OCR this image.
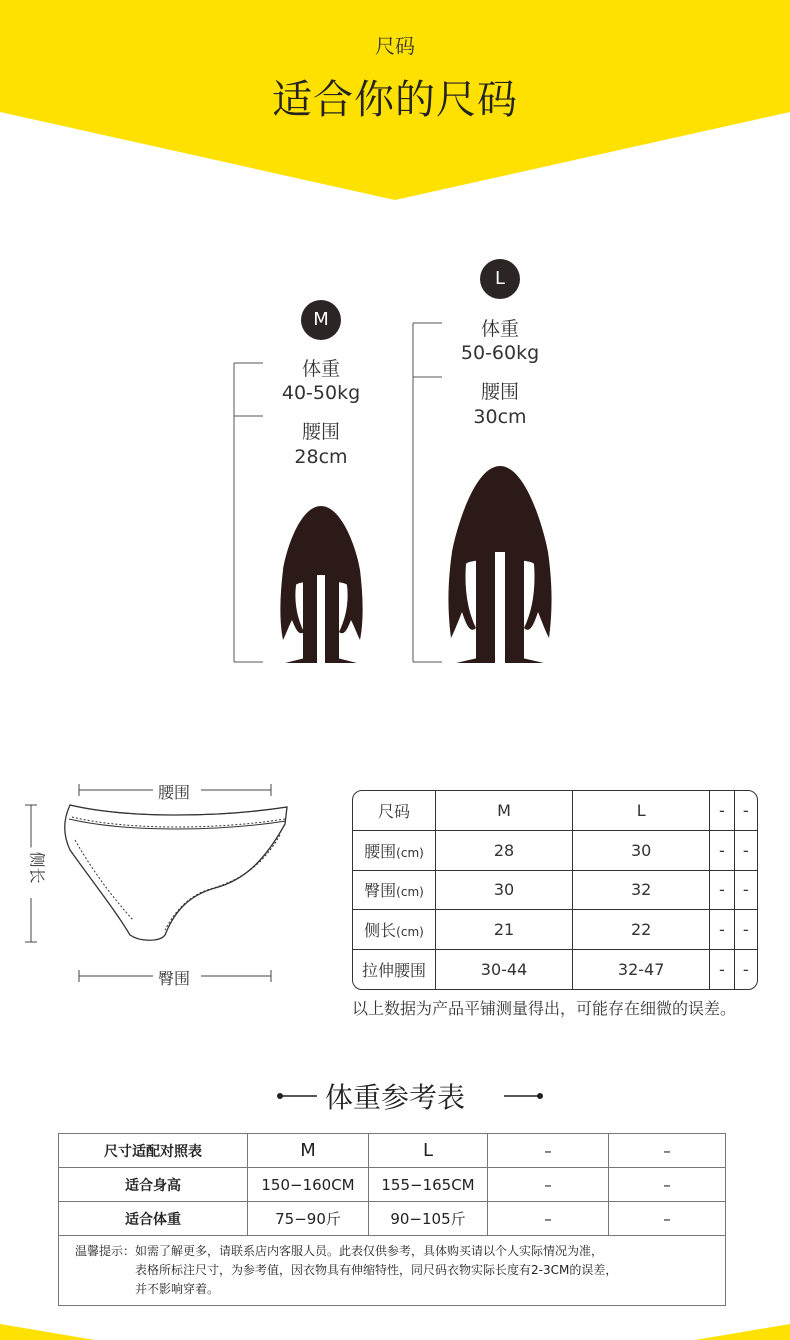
尺码
适合你的尺码
M
体重
40-50kg
腰围
28cm
L
体重
50-60kg
腰围
30cm
腰围
臀围
侧长
尺码	M	L	-	-
腰围(cm)	28	30	-	-
臀围(cm)	30	32	-	-
侧长(cm)	21	22	-	-
拉伸腰围	30-44	32-47	-	-
以上数据为产品平铺测量得出，可能存在细微的误差。
体重参考表
尺寸适配对照表	M	L	–	–
适合身高	150−160CM	155−165CM	–	–
适合体重	75−90斤	90−105斤	–	–

温馨提示： 如需了解更多，请联系店内客服人员。此表仅供参考，具体购买请以个人实际情况为准，
表格所标注尺寸，为参考值，因衣物具有伸缩特性，同尺码衣物实际长度有2-3CM的误差，
并不影响穿着。				
